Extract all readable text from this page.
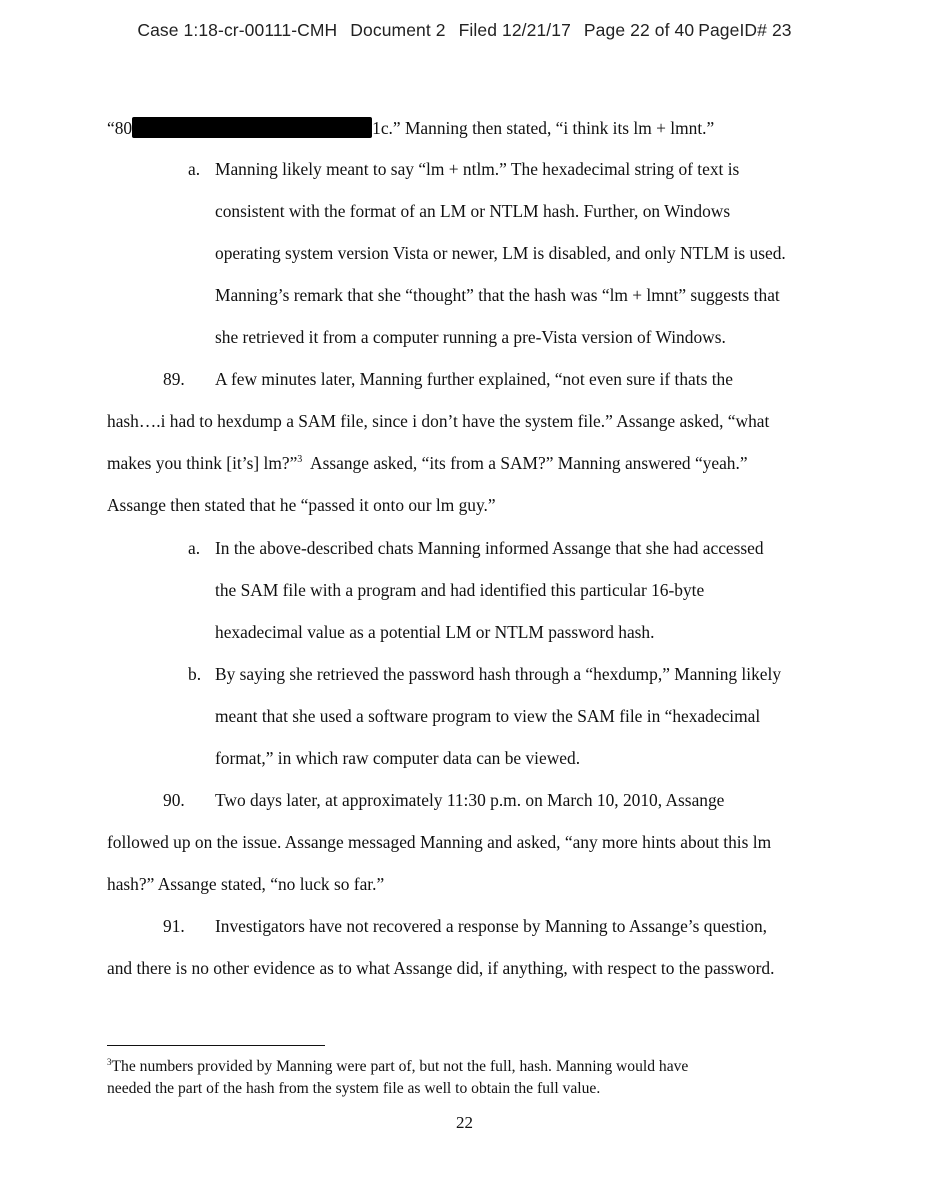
Case 1:18-cr-00111-CMH Document 2 Filed 12/21/17 Page 22 of 40 PageID# 23
“80	1c.” Manning then stated, “i think its lm + lmnt.”
a. Manning likely meant to say “lm + ntlm.” The hexadecimal string of text is
consistent with the format of an LM or NTLM hash. Further, on Windows
operating system version Vista or newer, LM is disabled, and only NTLM is used.
Manning’s remark that she “thought” that the hash was “lm + lmnt” suggests that
she retrieved it from a computer running a pre-Vista version of Windows.
89. A few minutes later, Manning further explained, “not even sure if thats the
hash….i had to hexdump a SAM file, since i don’t have the system file.” Assange asked, “what
makes you think [it’s] lm?”$^3$ Assange asked, “its from a SAM?” Manning answered “yeah.”
Assange then stated that he “passed it onto our lm guy.”
a. In the above-described chats Manning informed Assange that she had accessed
the SAM file with a program and had identified this particular 16-byte
hexadecimal value as a potential LM or NTLM password hash.
b. By saying she retrieved the password hash through a “hexdump,” Manning likely
meant that she used a software program to view the SAM file in “hexadecimal
format,” in which raw computer data can be viewed.
90. Two days later, at approximately 11:30 p.m. on March 10, 2010, Assange
followed up on the issue. Assange messaged Manning and asked, “any more hints about this lm
hash?” Assange stated, “no luck so far.”
91. Investigators have not recovered a response by Manning to Assange’s question,
and there is no other evidence as to what Assange did, if anything, with respect to the password.
$^3$The numbers provided by Manning were part of, but not the full, hash. Manning would have
needed the part of the hash from the system file as well to obtain the full value.
22
